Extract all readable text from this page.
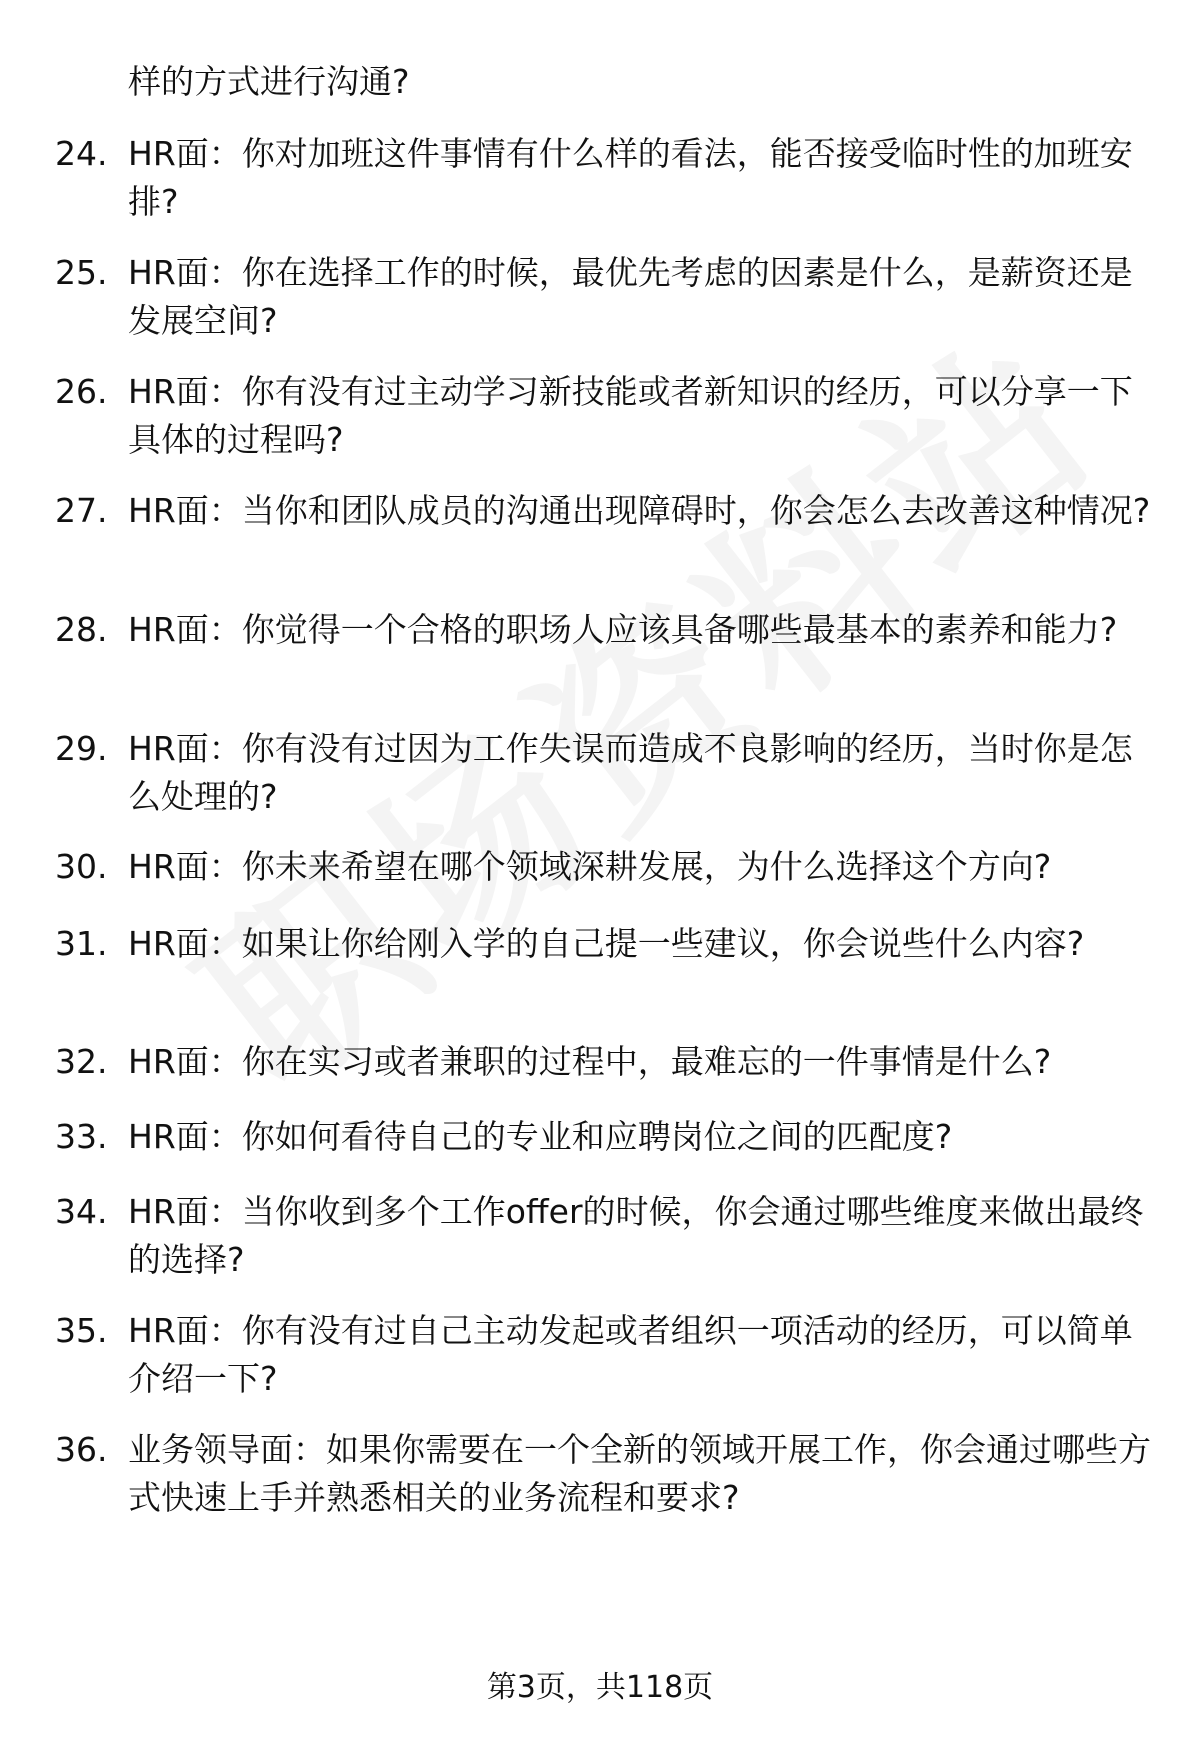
样的方式进行沟通?
24. HR面：你对加班这件事情有什么样的看法，能否接受临时性的加班安排?
25. HR面：你在选择工作的时候，最优先考虑的因素是什么，是薪资还是发展空间?
26. HR面：你有没有过主动学习新技能或者新知识的经历，可以分享一下具体的过程吗?
27. HR面：当你和团队成员的沟通出现障碍时，你会怎么去改善这种情况?
28. HR面：你觉得一个合格的职场人应该具备哪些最基本的素养和能力?
29. HR面：你有没有过因为工作失误而造成不良影响的经历，当时你是怎么处理的?
30. HR面：你未来希望在哪个领域深耕发展，为什么选择这个方向?
31. HR面：如果让你给刚入学的自己提一些建议，你会说些什么内容?
32. HR面：你在实习或者兼职的过程中，最难忘的一件事情是什么?
33. HR面：你如何看待自己的专业和应聘岗位之间的匹配度?
34. HR面：当你收到多个工作offer的时候，你会通过哪些维度来做出最终的选择?
35. HR面：你有没有过自己主动发起或者组织一项活动的经历，可以简单介绍一下?
36. 业务领导面：如果你需要在一个全新的领域开展工作，你会通过哪些方式快速上手并熟悉相关的业务流程和要求?
第3页，共118页
